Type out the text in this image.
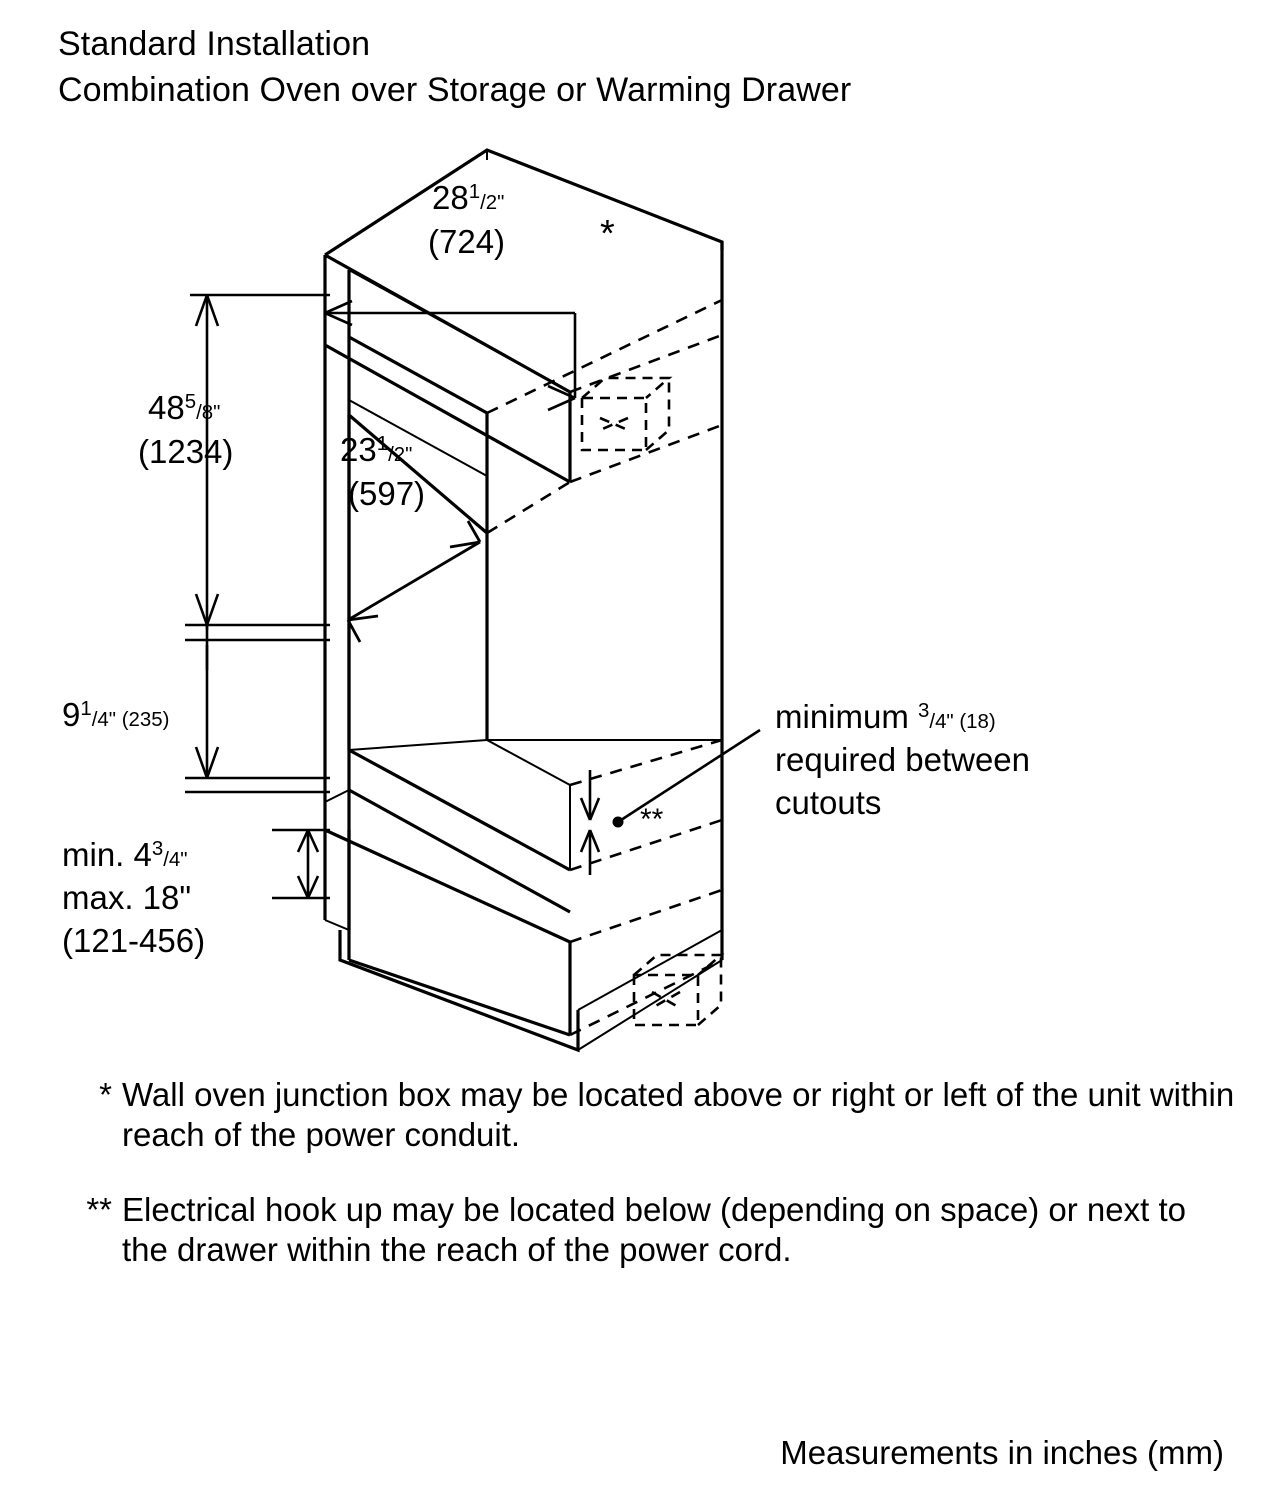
Standard Installation
Combination Oven over Storage or Warming Drawer
281/2"
(724) *
485/8"
(1234)	231/2"
(597)
91/4" (235)
min. 43/4"
max. 18"
(121-456)
minimum 3/4" (18)
required between
cutouts
**
* Wall oven junction box may be located above or right or left of the unit within reach of the power conduit.
** Electrical hook up may be located below (depending on space) or next to the drawer within the reach of the power cord.
Measurements in inches (mm)
